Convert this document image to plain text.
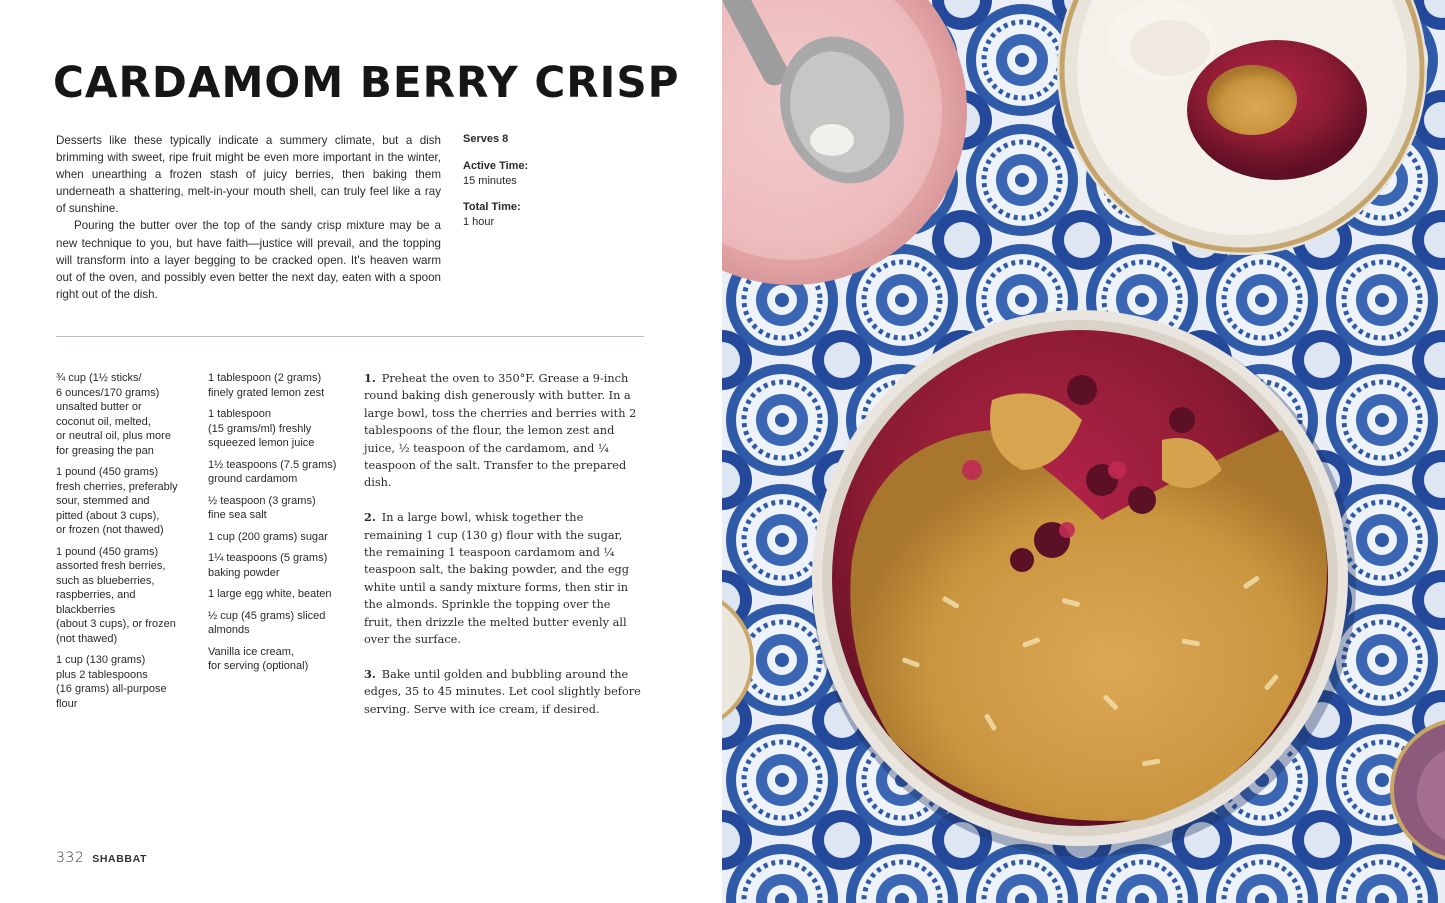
CARDAMOM BERRY CRISP

Desserts like these typically indicate a summery climate, but a dish brimming with sweet, ripe fruit might be even more important in the winter, when unearthing a frozen stash of juicy berries, then baking them underneath a shattering, melt-in-your mouth shell, can truly feel like a ray of sunshine.

Pouring the butter over the top of the sandy crisp mixture may be a new technique to you, but have faith—justice will prevail, and the topping will transform into a layer begging to be cracked open. It's heaven warm out of the oven, and possibly even better the next day, eaten with a spoon right out of the dish.

Serves 8
Active Time:
15 minutes
Total Time:
1 hour
¾ cup (1½ sticks/
6 ounces/170 grams)
unsalted butter or
coconut oil, melted,
or neutral oil, plus more
for greasing the pan
1 pound (450 grams)
fresh cherries, preferably
sour, stemmed and
pitted (about 3 cups),
or frozen (not thawed)
1 pound (450 grams)
assorted fresh berries,
such as blueberries,
raspberries, and
blackberries
(about 3 cups), or frozen
(not thawed)
1 cup (130 grams)
plus 2 tablespoons
(16 grams) all-purpose
flour
1 tablespoon (2 grams)
finely grated lemon zest
1 tablespoon
(15 grams/ml) freshly
squeezed lemon juice
1½ teaspoons (7.5 grams)
ground cardamom
½ teaspoon (3 grams)
fine sea salt
1 cup (200 grams) sugar
1¼ teaspoons (5 grams)
baking powder
1 large egg white, beaten
½ cup (45 grams) sliced
almonds
Vanilla ice cream,
for serving (optional)
1. Preheat the oven to 350°F. Grease a 9-inch round baking dish generously with butter. In a large bowl, toss the cherries and berries with 2 tablespoons of the flour, the lemon zest and juice, ½ teaspoon of the cardamom, and ¼ teaspoon of the salt. Transfer to the prepared dish.
2. In a large bowl, whisk together the remaining 1 cup (130 g) flour with the sugar, the remaining 1 teaspoon cardamom and ¼ teaspoon salt, the baking powder, and the egg white until a sandy mixture forms, then stir in the almonds. Sprinkle the topping over the fruit, then drizzle the melted butter evenly all over the surface.
3. Bake until golden and bubbling around the edges, 35 to 45 minutes. Let cool slightly before serving. Serve with ice cream, if desired.
332 SHABBAT
